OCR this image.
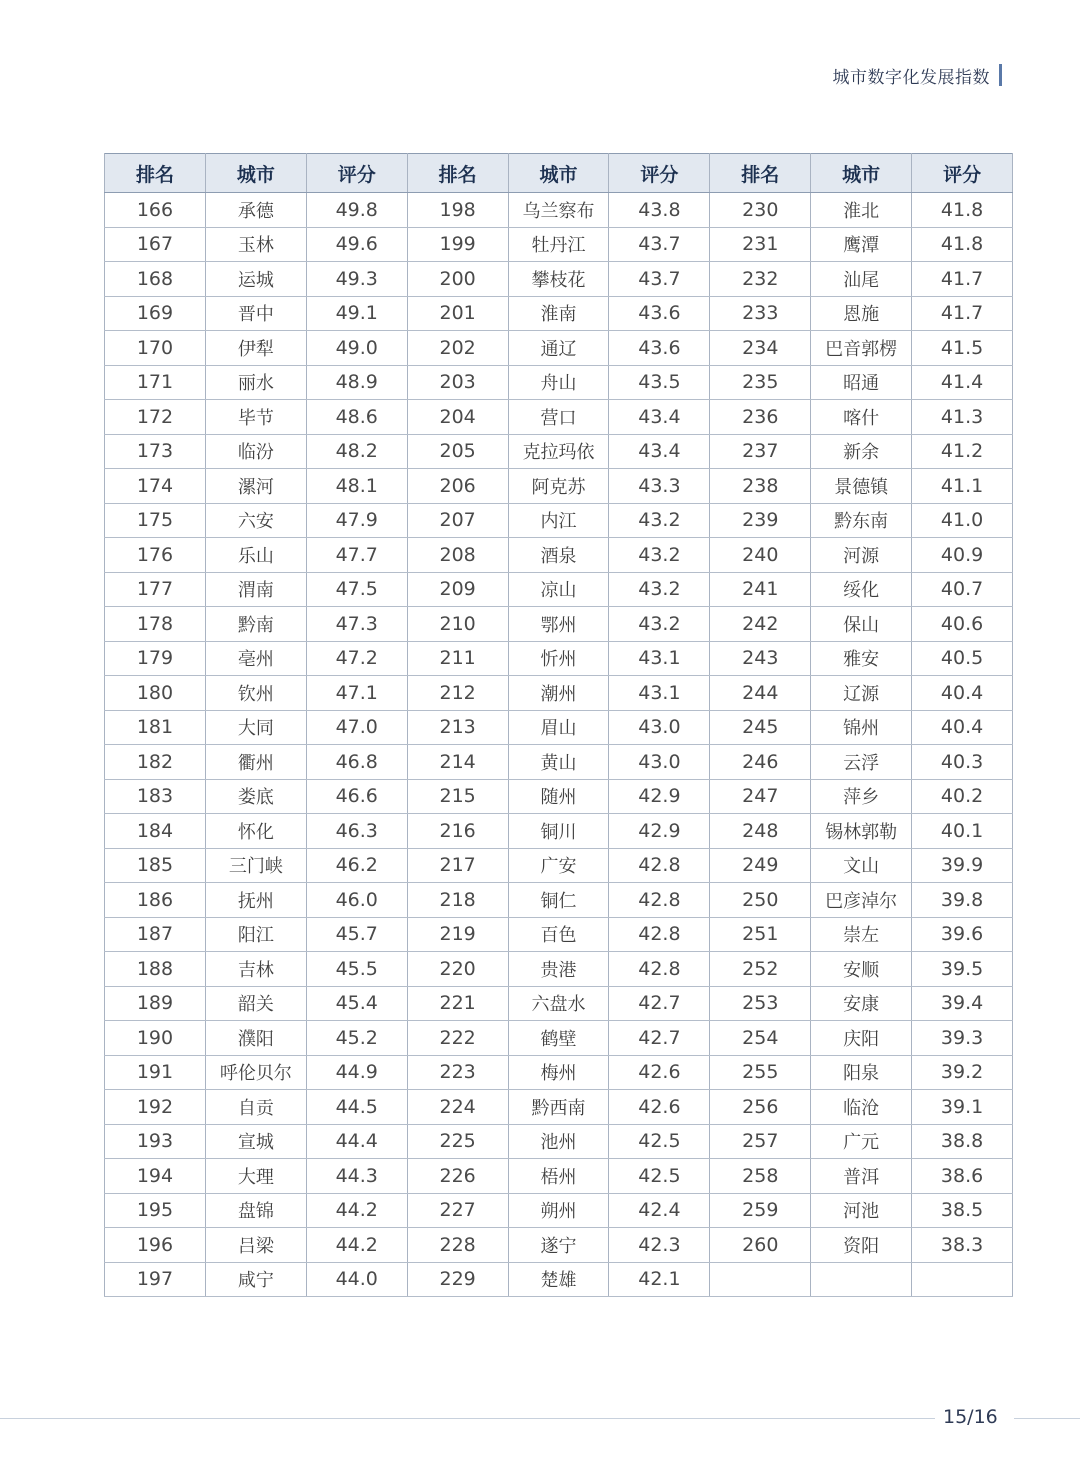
城市数字化发展指数
排名	城市	评分	排名	城市	评分	排名	城市	评分
166	承德	49.8	198	乌兰察布	43.8	230	淮北	41.8
167	玉林	49.6	199	牡丹江	43.7	231	鹰潭	41.8
168	运城	49.3	200	攀枝花	43.7	232	汕尾	41.7
169	晋中	49.1	201	淮南	43.6	233	恩施	41.7
170	伊犁	49.0	202	通辽	43.6	234	巴音郭楞	41.5
171	丽水	48.9	203	舟山	43.5	235	昭通	41.4
172	毕节	48.6	204	营口	43.4	236	喀什	41.3
173	临汾	48.2	205	克拉玛依	43.4	237	新余	41.2
174	漯河	48.1	206	阿克苏	43.3	238	景德镇	41.1
175	六安	47.9	207	内江	43.2	239	黔东南	41.0
176	乐山	47.7	208	酒泉	43.2	240	河源	40.9
177	渭南	47.5	209	凉山	43.2	241	绥化	40.7
178	黔南	47.3	210	鄂州	43.2	242	保山	40.6
179	亳州	47.2	211	忻州	43.1	243	雅安	40.5
180	钦州	47.1	212	潮州	43.1	244	辽源	40.4
181	大同	47.0	213	眉山	43.0	245	锦州	40.4
182	衢州	46.8	214	黄山	43.0	246	云浮	40.3
183	娄底	46.6	215	随州	42.9	247	萍乡	40.2
184	怀化	46.3	216	铜川	42.9	248	锡林郭勒	40.1
185	三门峡	46.2	217	广安	42.8	249	文山	39.9
186	抚州	46.0	218	铜仁	42.8	250	巴彦淖尔	39.8
187	阳江	45.7	219	百色	42.8	251	崇左	39.6
188	吉林	45.5	220	贵港	42.8	252	安顺	39.5
189	韶关	45.4	221	六盘水	42.7	253	安康	39.4
190	濮阳	45.2	222	鹤壁	42.7	254	庆阳	39.3
191	呼伦贝尔	44.9	223	梅州	42.6	255	阳泉	39.2
192	自贡	44.5	224	黔西南	42.6	256	临沧	39.1
193	宣城	44.4	225	池州	42.5	257	广元	38.8
194	大理	44.3	226	梧州	42.5	258	普洱	38.6
195	盘锦	44.2	227	朔州	42.4	259	河池	38.5
196	吕梁	44.2	228	遂宁	42.3	260	资阳	38.3
197	咸宁	44.0	229	楚雄	42.1			
15/16
